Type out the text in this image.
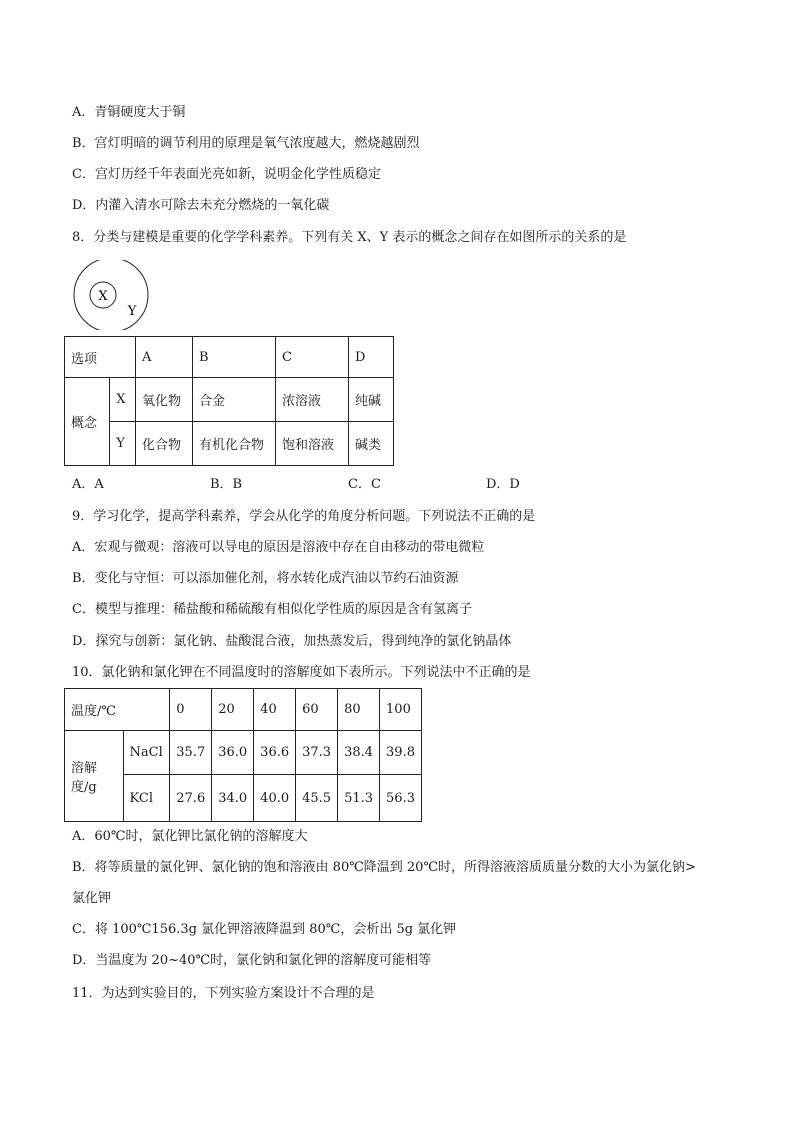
A．青铜硬度大于铜
B．宫灯明暗的调节利用的原理是氧气浓度越大，燃烧越剧烈
C．宫灯历经千年表面光亮如新，说明金化学性质稳定
D．内灌入清水可除去未充分燃烧的一氧化碳
8．分类与建模是重要的化学学科素养。下列有关 X、Y 表示的概念之间存在如图所示的关系的是
X
Y
选项		A	B	C	D
概念	X	氧化物	合金	浓溶液	纯碱
	Y	化合物	有机化合物	饱和溶液	碱类
A．A	B．B	C．C	D．D
9．学习化学，提高学科素养，学会从化学的角度分析问题。下列说法不正确的是
A．宏观与微观：溶液可以导电的原因是溶液中存在自由移动的带电微粒
B．变化与守恒：可以添加催化剂，将水转化成汽油以节约石油资源
C．模型与推理：稀盐酸和稀硫酸有相似化学性质的原因是含有氢离子
D．探究与创新：氯化钠、盐酸混合液，加热蒸发后，得到纯净的氯化钠晶体
10．氯化钠和氯化钾在不同温度时的溶解度如下表所示。下列说法中不正确的是
温度/℃		0	20	40	60	80	100
溶解度/g	NaCl	35.7	36.0	36.6	37.3	38.4	39.8
	KCl	27.6	34.0	40.0	45.5	51.3	56.3
A．60℃时，氯化钾比氯化钠的溶解度大
B．将等质量的氯化钾、氯化钠的饱和溶液由 80℃降温到 20℃时，所得溶液溶质质量分数的大小为氯化钠>
氯化钾
C．将 100℃156.3g 氯化钾溶液降温到 80℃，会析出 5g 氯化钾
D．当温度为 20~40℃时，氯化钠和氯化钾的溶解度可能相等
11．为达到实验目的，下列实验方案设计不合理的是
